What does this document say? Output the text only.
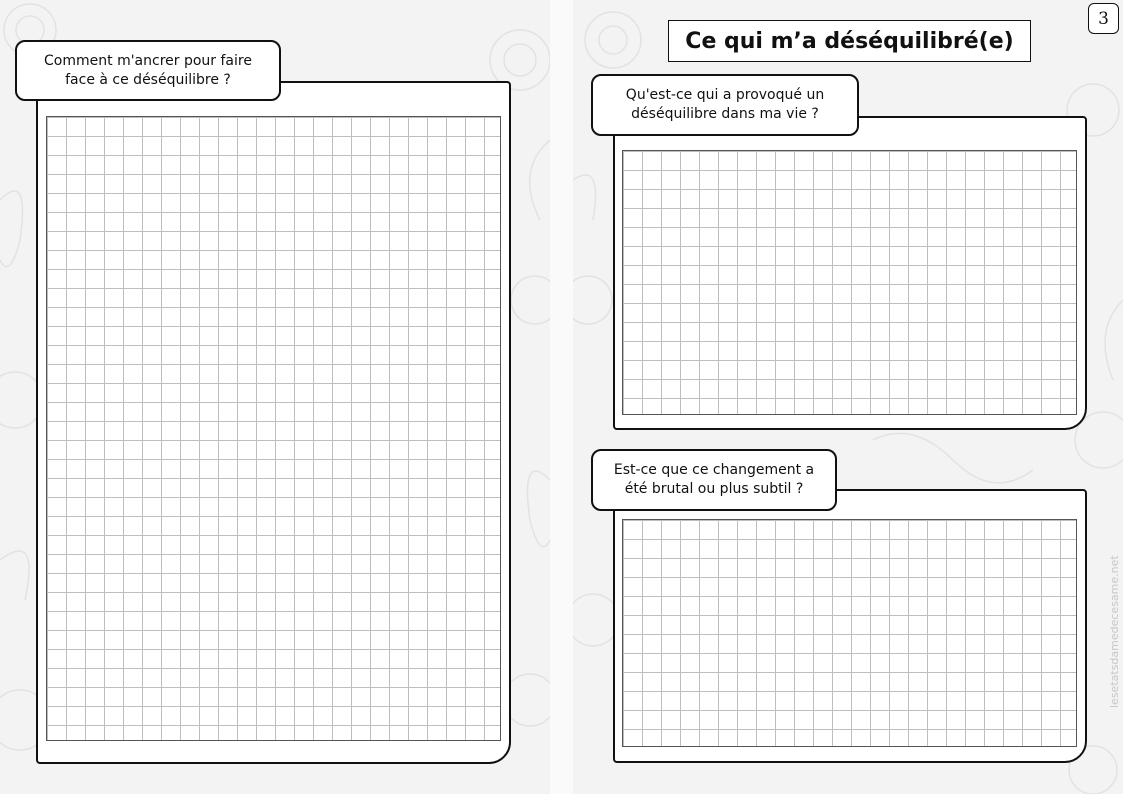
Comment m'ancrer pour faire face à ce déséquilibre ?
Qu'est-ce qui a provoqué un déséquilibre dans ma vie ?
Est-ce que ce changement a été brutal ou plus subtil ?
Ce qui m’a déséquilibré(e)
3
lesetatsdamedecesame.net
